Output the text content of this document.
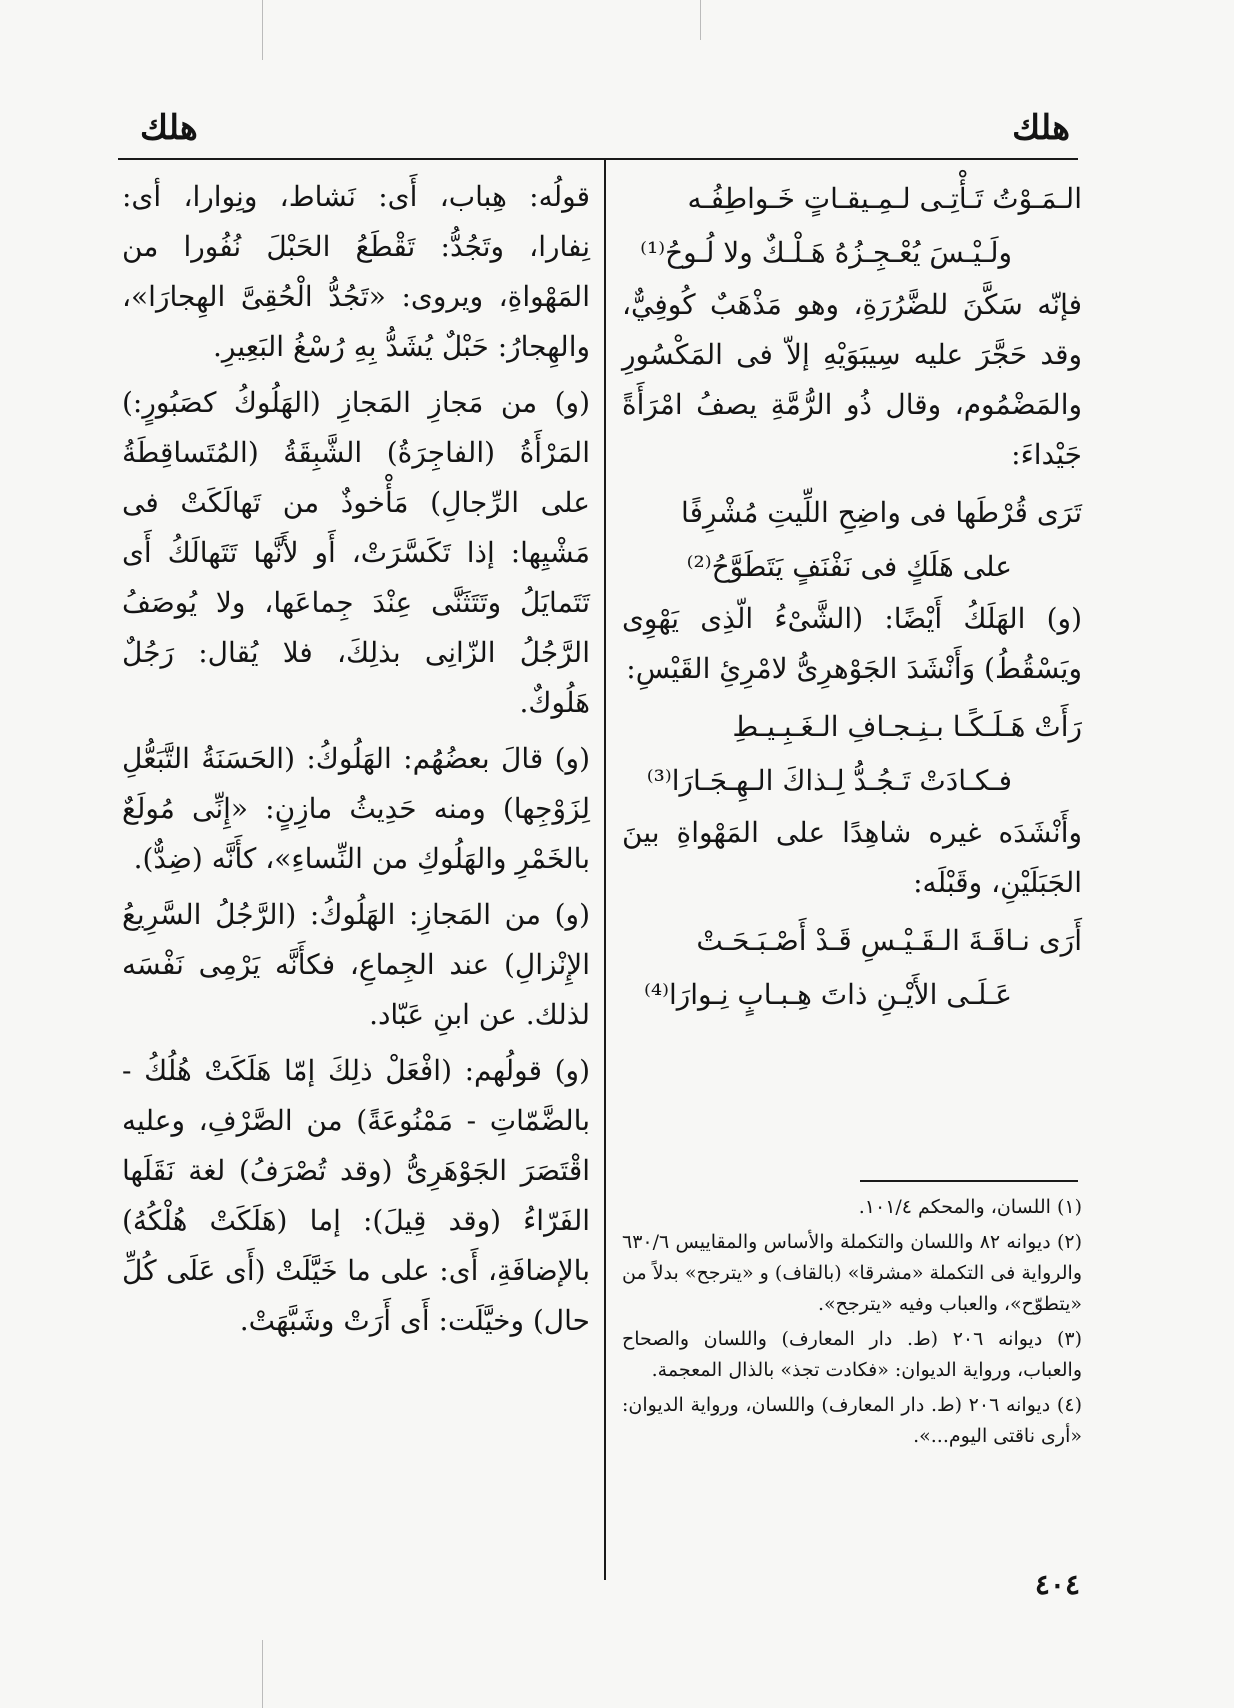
هلك
هلك

الـمَـوْتُ تَـأْتِـى لـمِـيقـاتٍ خَـواطِفُـه

ولَـيْـسَ يُعْـجِـزُهُ هَـلْـكٌ ولا لُـوحُ⁽¹⁾

فإنّه سَكَّنَ للضَّرُرَةِ، وهو مَذْهَبٌ كُوفِيٌّ، وقد حَجَّرَ عليه سِيبَوَيْهِ إلاّ فى المَكْسُورِ والمَضْمُوم، وقال ذُو الرُّمَّةِ يصفُ امْرَأَةً جَيْداءَ:

تَرَى قُرْطَها فى واضِحِ اللِّيتِ مُشْرِفًا

على هَلَكٍ فى نَفْنَفٍ يَتَطَوَّحُ⁽²⁾

(و) الهَلَكُ أَيْضًا: (الشَّىْءُ الّذِى يَهْوِى ويَسْقُطُ) وَأَنْشَدَ الجَوْهرِىُّ لامْرِئِ القَيْسِ:

رَأَتْ هَـلَـكًـا بـنِـجـافِ الـغَـبِـيـطِ

فـكـادَتْ تَـجُـدُّ لِـذاكَ الـهِـجَـارَا⁽³⁾

وأَنْشَدَه غيره شاهِدًا على المَهْواةِ بينَ الجَبَلَيْنِ، وقَبْلَه:

أَرَى نـاقَـةَ الـقَـيْـسِ قَـدْ أَصْـبَـحَـتْ

عَـلَـى الأَيْـنِ ذاتَ هِـبـابٍ نِـوارَا⁽⁴⁾

قولُه: هِباب، أَى: نَشاط، ونِوارا، أى: نِفارا، وتَجُدُّ: تَقْطَعُ الحَبْلَ نُفُورا من المَهْواةِ، ويروى: «تَجُدُّ الْحُقِىَّ الهِجارَا»، والهِجارُ: حَبْلٌ يُشَدُّ بِهِ رُسْغُ البَعِيرِ.

(و) من مَجازِ المَجازِ (الهَلُوكُ كصَبُورٍ:) المَرْأَةُ (الفاجِرَةُ) الشَّبِقَةُ (المُتَساقِطَةُ على الرِّجالِ) مَأْخوذٌ من تَهالَكَتْ فى مَشْيِها: إذا تَكَسَّرَتْ، أَو لأَنَّها تَتَهالَكُ أَى تَتَمايَلُ وتَتَثَنَّى عِنْدَ جِماعَها، ولا يُوصَفُ الرَّجُلُ الزّانِى بذلِكَ، فلا يُقال: رَجُلٌ هَلُوكٌ.

(و) قالَ بعضُهُم: الهَلُوكُ: (الحَسَنَةُ التَّبَعُّلِ لِزَوْجِها) ومنه حَدِيثُ مازِنٍ: «إِنِّى مُولَعٌ بالخَمْرِ والهَلُوكِ من النِّساءِ»، كأَنَّه (ضِدٌّ).

(و) من المَجازِ: الهَلُوكُ: (الرَّجُلُ السَّرِيعُ الإِنْزالِ) عند الجِماعِ، فكأَنَّه يَرْمِى نَفْسَه لذلك. عن ابنِ عَبّاد.

(و) قولُهم: (افْعَلْ ذلِكَ إمّا هَلَكَتْ هُلُكُ - بالضَّمّاتِ - مَمْنُوعَةً) من الصَّرْفِ، وعليه اقْتَصَرَ الجَوْهَرِىُّ (وقد تُصْرَفُ) لغة نَقَلَها الفَرّاءُ (وقد قِيلَ): إما (هَلَكَتْ هُلْكُهُ) بالإضافَةِ، أَى: على ما خَيَّلَتْ (أَى عَلَى كُلِّ حال) وخيَّلَت: أَى أَرَتْ وشَبَّهَتْ.

(١) اللسان، والمحكم ١٠١/٤.

(٢) ديوانه ٨٢ واللسان والتكملة والأساس والمقاييس ٦٣٠/٦ والرواية فى التكملة «مشرقا» (بالقاف) و «يترجح» بدلاً من «يتطوّح»، والعباب وفيه «يترجح».

(٣) ديوانه ٢٠٦ (ط. دار المعارف) واللسان والصحاح والعباب، ورواية الديوان: «فكادت تجذ» بالذال المعجمة.

(٤) ديوانه ٢٠٦ (ط. دار المعارف) واللسان، ورواية الديوان: «أرى ناقتى اليوم...».

٤٠٤
